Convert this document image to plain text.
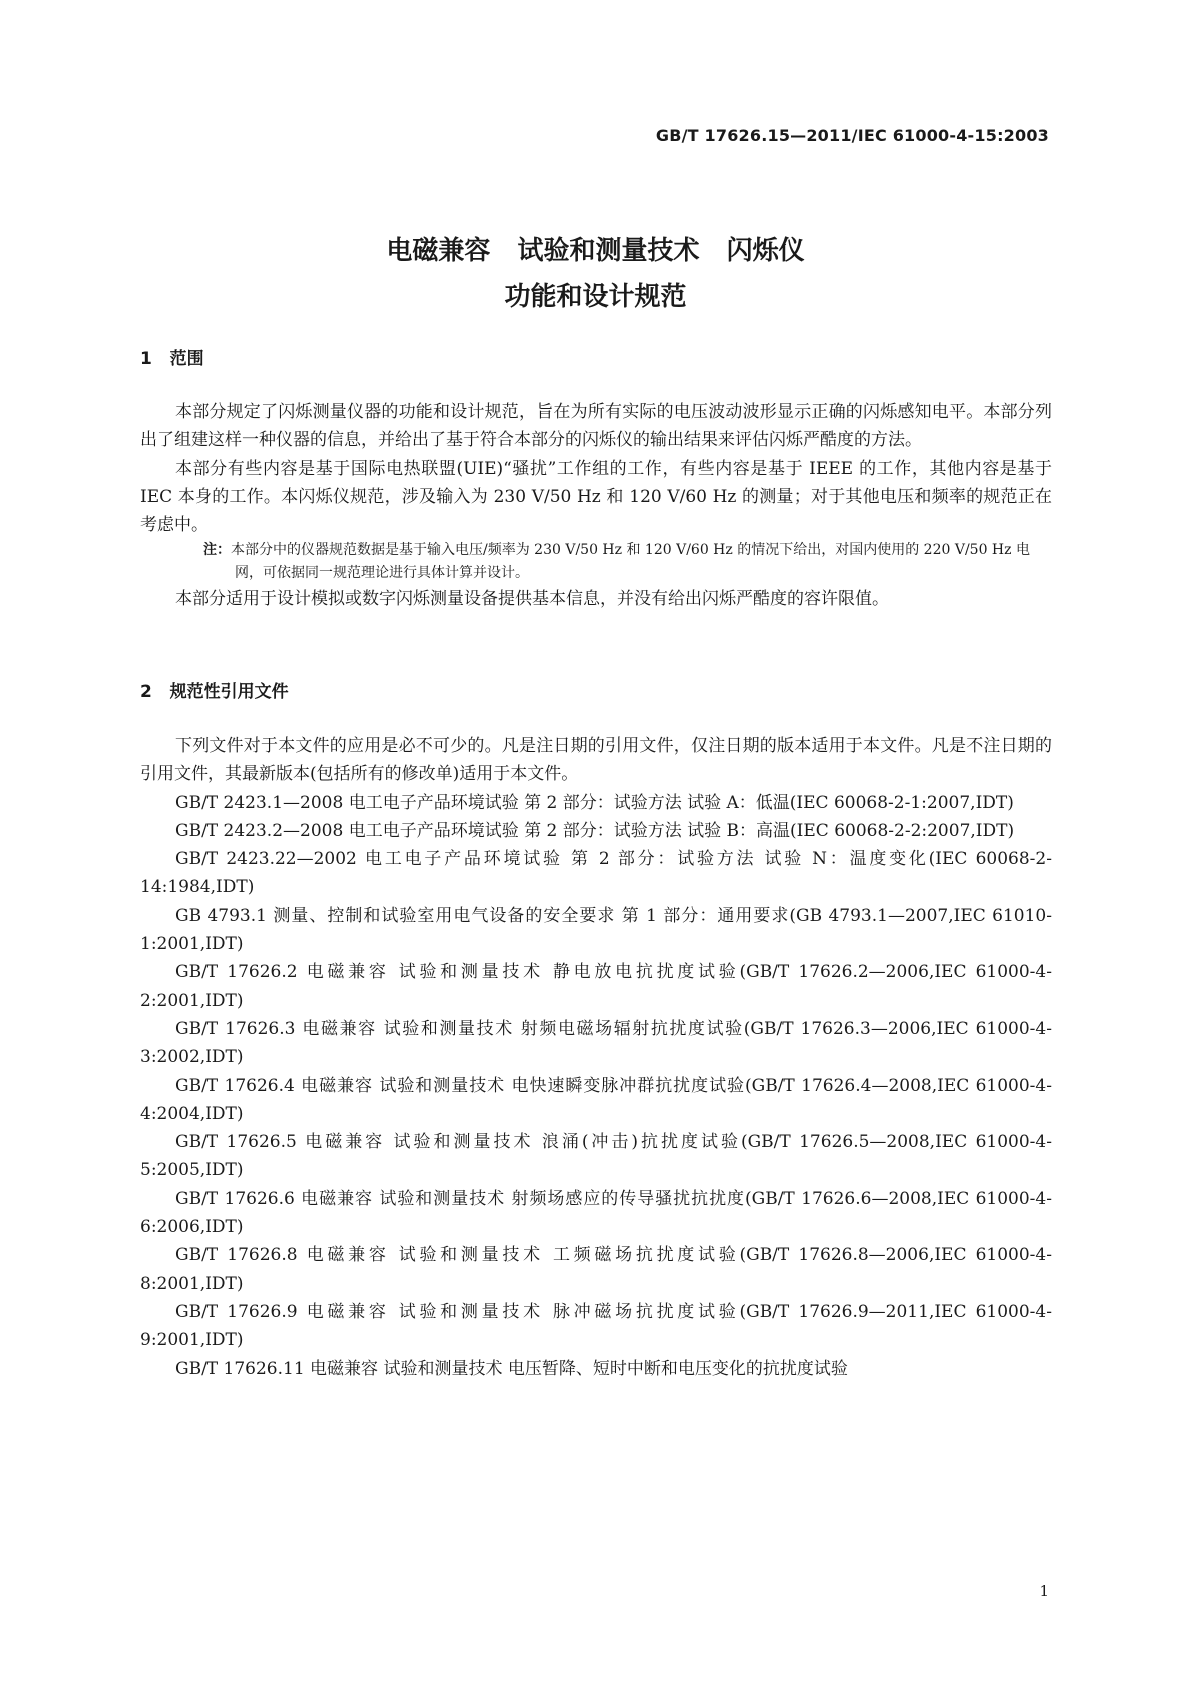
GB/T 17626.15—2011/IEC 61000-4-15:2003
电磁兼容   试验和测量技术   闪烁仪
功能和设计规范
1   范围

本部分规定了闪烁测量仪器的功能和设计规范，旨在为所有实际的电压波动波形显示正确的闪烁感知电平。本部分列出了组建这样一种仪器的信息，并给出了基于符合本部分的闪烁仪的输出结果来评估闪烁严酷度的方法。

本部分有些内容是基于国际电热联盟(UIE)“骚扰”工作组的工作，有些内容是基于 IEEE 的工作，其他内容是基于 IEC 本身的工作。本闪烁仪规范，涉及输入为 230 V/50 Hz 和 120 V/60 Hz 的测量；对于其他电压和频率的规范正在考虑中。

注：本部分中的仪器规范数据是基于输入电压/频率为 230 V/50 Hz 和 120 V/60 Hz 的情况下给出，对国内使用的 220 V/50 Hz 电网，可依据同一规范理论进行具体计算并设计。

本部分适用于设计模拟或数字闪烁测量设备提供基本信息，并没有给出闪烁严酷度的容许限值。

2   规范性引用文件

下列文件对于本文件的应用是必不可少的。凡是注日期的引用文件，仅注日期的版本适用于本文件。凡是不注日期的引用文件，其最新版本(包括所有的修改单)适用于本文件。

GB/T 2423.1—2008 电工电子产品环境试验 第 2 部分：试验方法 试验 A：低温(IEC 60068-2-1:2007,IDT)

GB/T 2423.2—2008 电工电子产品环境试验 第 2 部分：试验方法 试验 B：高温(IEC 60068-2-2:2007,IDT)

GB/T 2423.22—2002 电工电子产品环境试验 第 2 部分：试验方法 试验 N：温度变化(IEC 60068-2-14:1984,IDT)

GB 4793.1 测量、控制和试验室用电气设备的安全要求 第 1 部分：通用要求(GB 4793.1—2007,IEC 61010-1:2001,IDT)

GB/T 17626.2 电磁兼容 试验和测量技术 静电放电抗扰度试验(GB/T 17626.2—2006,IEC 61000-4-2:2001,IDT)

GB/T 17626.3 电磁兼容 试验和测量技术 射频电磁场辐射抗扰度试验(GB/T 17626.3—2006,IEC 61000-4-3:2002,IDT)

GB/T 17626.4 电磁兼容 试验和测量技术 电快速瞬变脉冲群抗扰度试验(GB/T 17626.4—2008,IEC 61000-4-4:2004,IDT)

GB/T 17626.5 电磁兼容 试验和测量技术 浪涌(冲击)抗扰度试验(GB/T 17626.5—2008,IEC 61000-4-5:2005,IDT)

GB/T 17626.6 电磁兼容 试验和测量技术 射频场感应的传导骚扰抗扰度(GB/T 17626.6—2008,IEC 61000-4-6:2006,IDT)

GB/T 17626.8 电磁兼容 试验和测量技术 工频磁场抗扰度试验(GB/T 17626.8—2006,IEC 61000-4-8:2001,IDT)

GB/T 17626.9 电磁兼容 试验和测量技术 脉冲磁场抗扰度试验(GB/T 17626.9—2011,IEC 61000-4-9:2001,IDT)

GB/T 17626.11 电磁兼容 试验和测量技术 电压暂降、短时中断和电压变化的抗扰度试验

1
